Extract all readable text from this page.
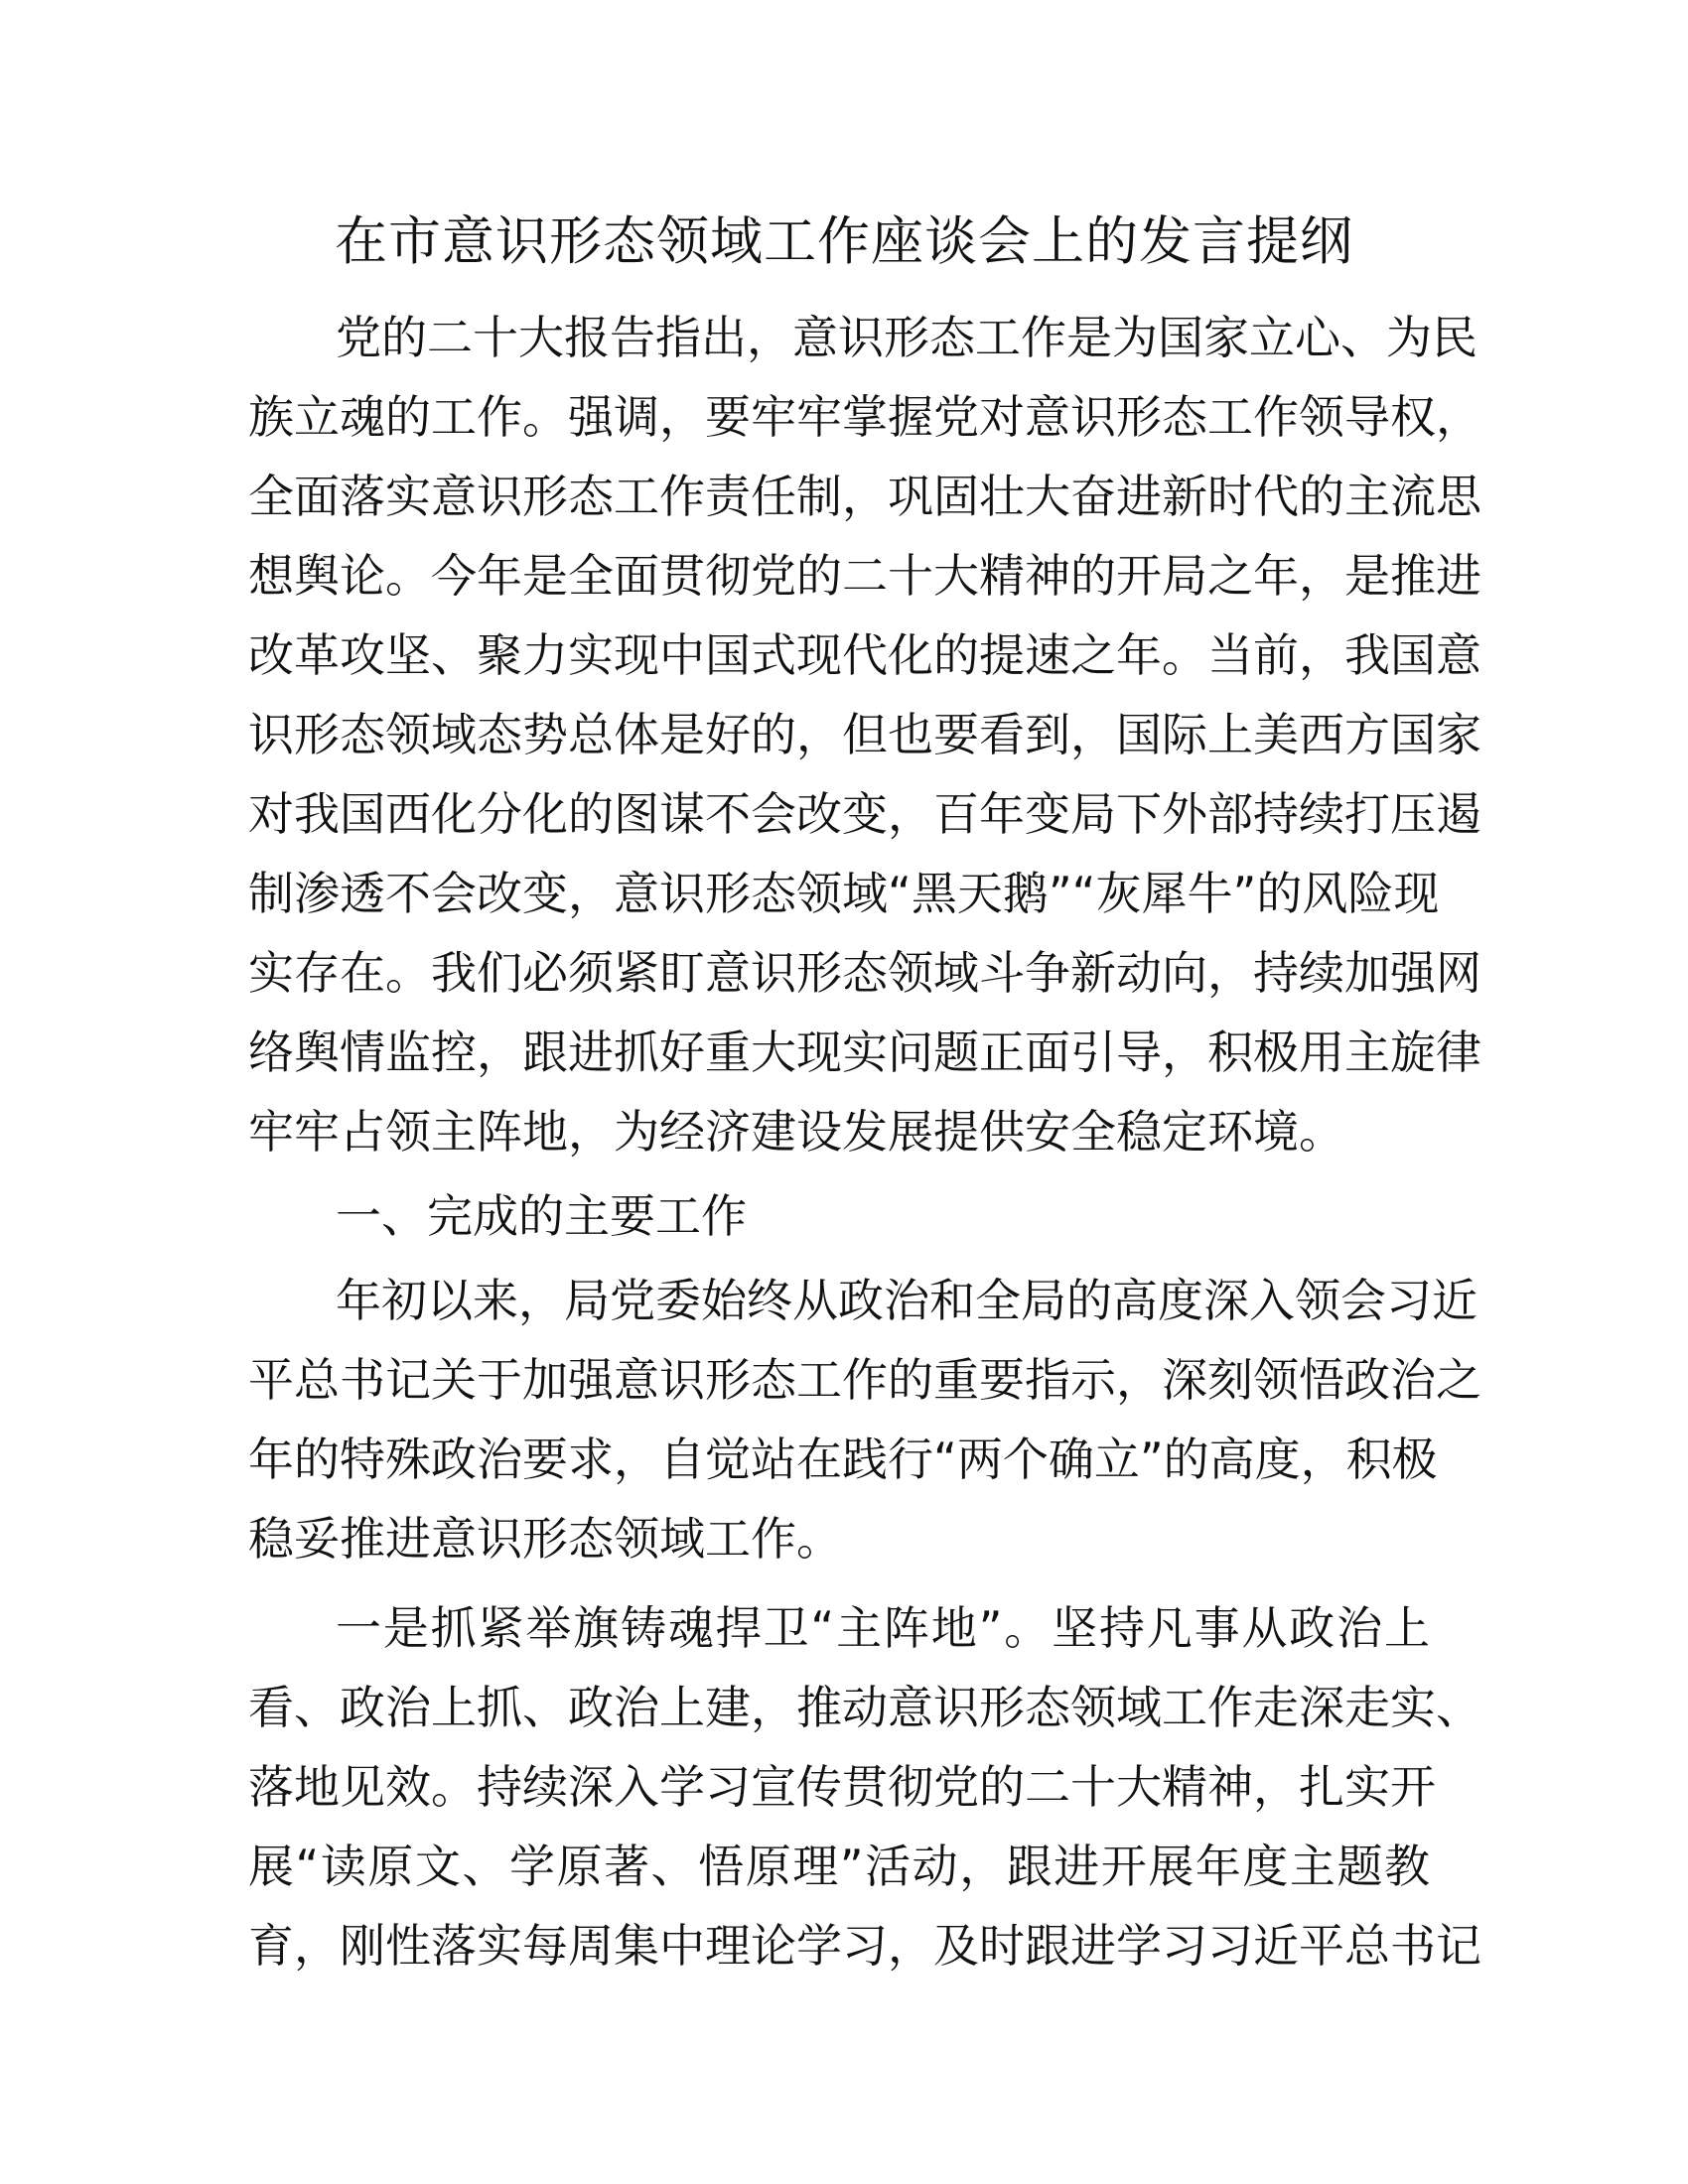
在市意识形态领域工作座谈会上的发言提纲

党的二十大报告指出，意识形态工作是为国家立心、为民

族立魂的工作。强调，要牢牢掌握党对意识形态工作领导权，

全面落实意识形态工作责任制，巩固壮大奋进新时代的主流思

想舆论。今年是全面贯彻党的二十大精神的开局之年，是推进

改革攻坚、聚力实现中国式现代化的提速之年。当前，我国意

识形态领域态势总体是好的，但也要看到，国际上美西方国家

对我国西化分化的图谋不会改变，百年变局下外部持续打压遏

制渗透不会改变，意识形态领域“黑天鹅”“灰犀牛”的风险现

实存在。我们必须紧盯意识形态领域斗争新动向，持续加强网

络舆情监控，跟进抓好重大现实问题正面引导，积极用主旋律

牢牢占领主阵地，为经济建设发展提供安全稳定环境。

一、完成的主要工作

年初以来，局党委始终从政治和全局的高度深入领会习近

平总书记关于加强意识形态工作的重要指示，深刻领悟政治之

年的特殊政治要求，自觉站在践行“两个确立”的高度，积极

稳妥推进意识形态领域工作。

一是抓紧举旗铸魂捍卫“主阵地”。坚持凡事从政治上

看、政治上抓、政治上建，推动意识形态领域工作走深走实、

落地见效。持续深入学习宣传贯彻党的二十大精神，扎实开

展“读原文、学原著、悟原理”活动，跟进开展年度主题教

育，刚性落实每周集中理论学习，及时跟进学习习近平总书记
